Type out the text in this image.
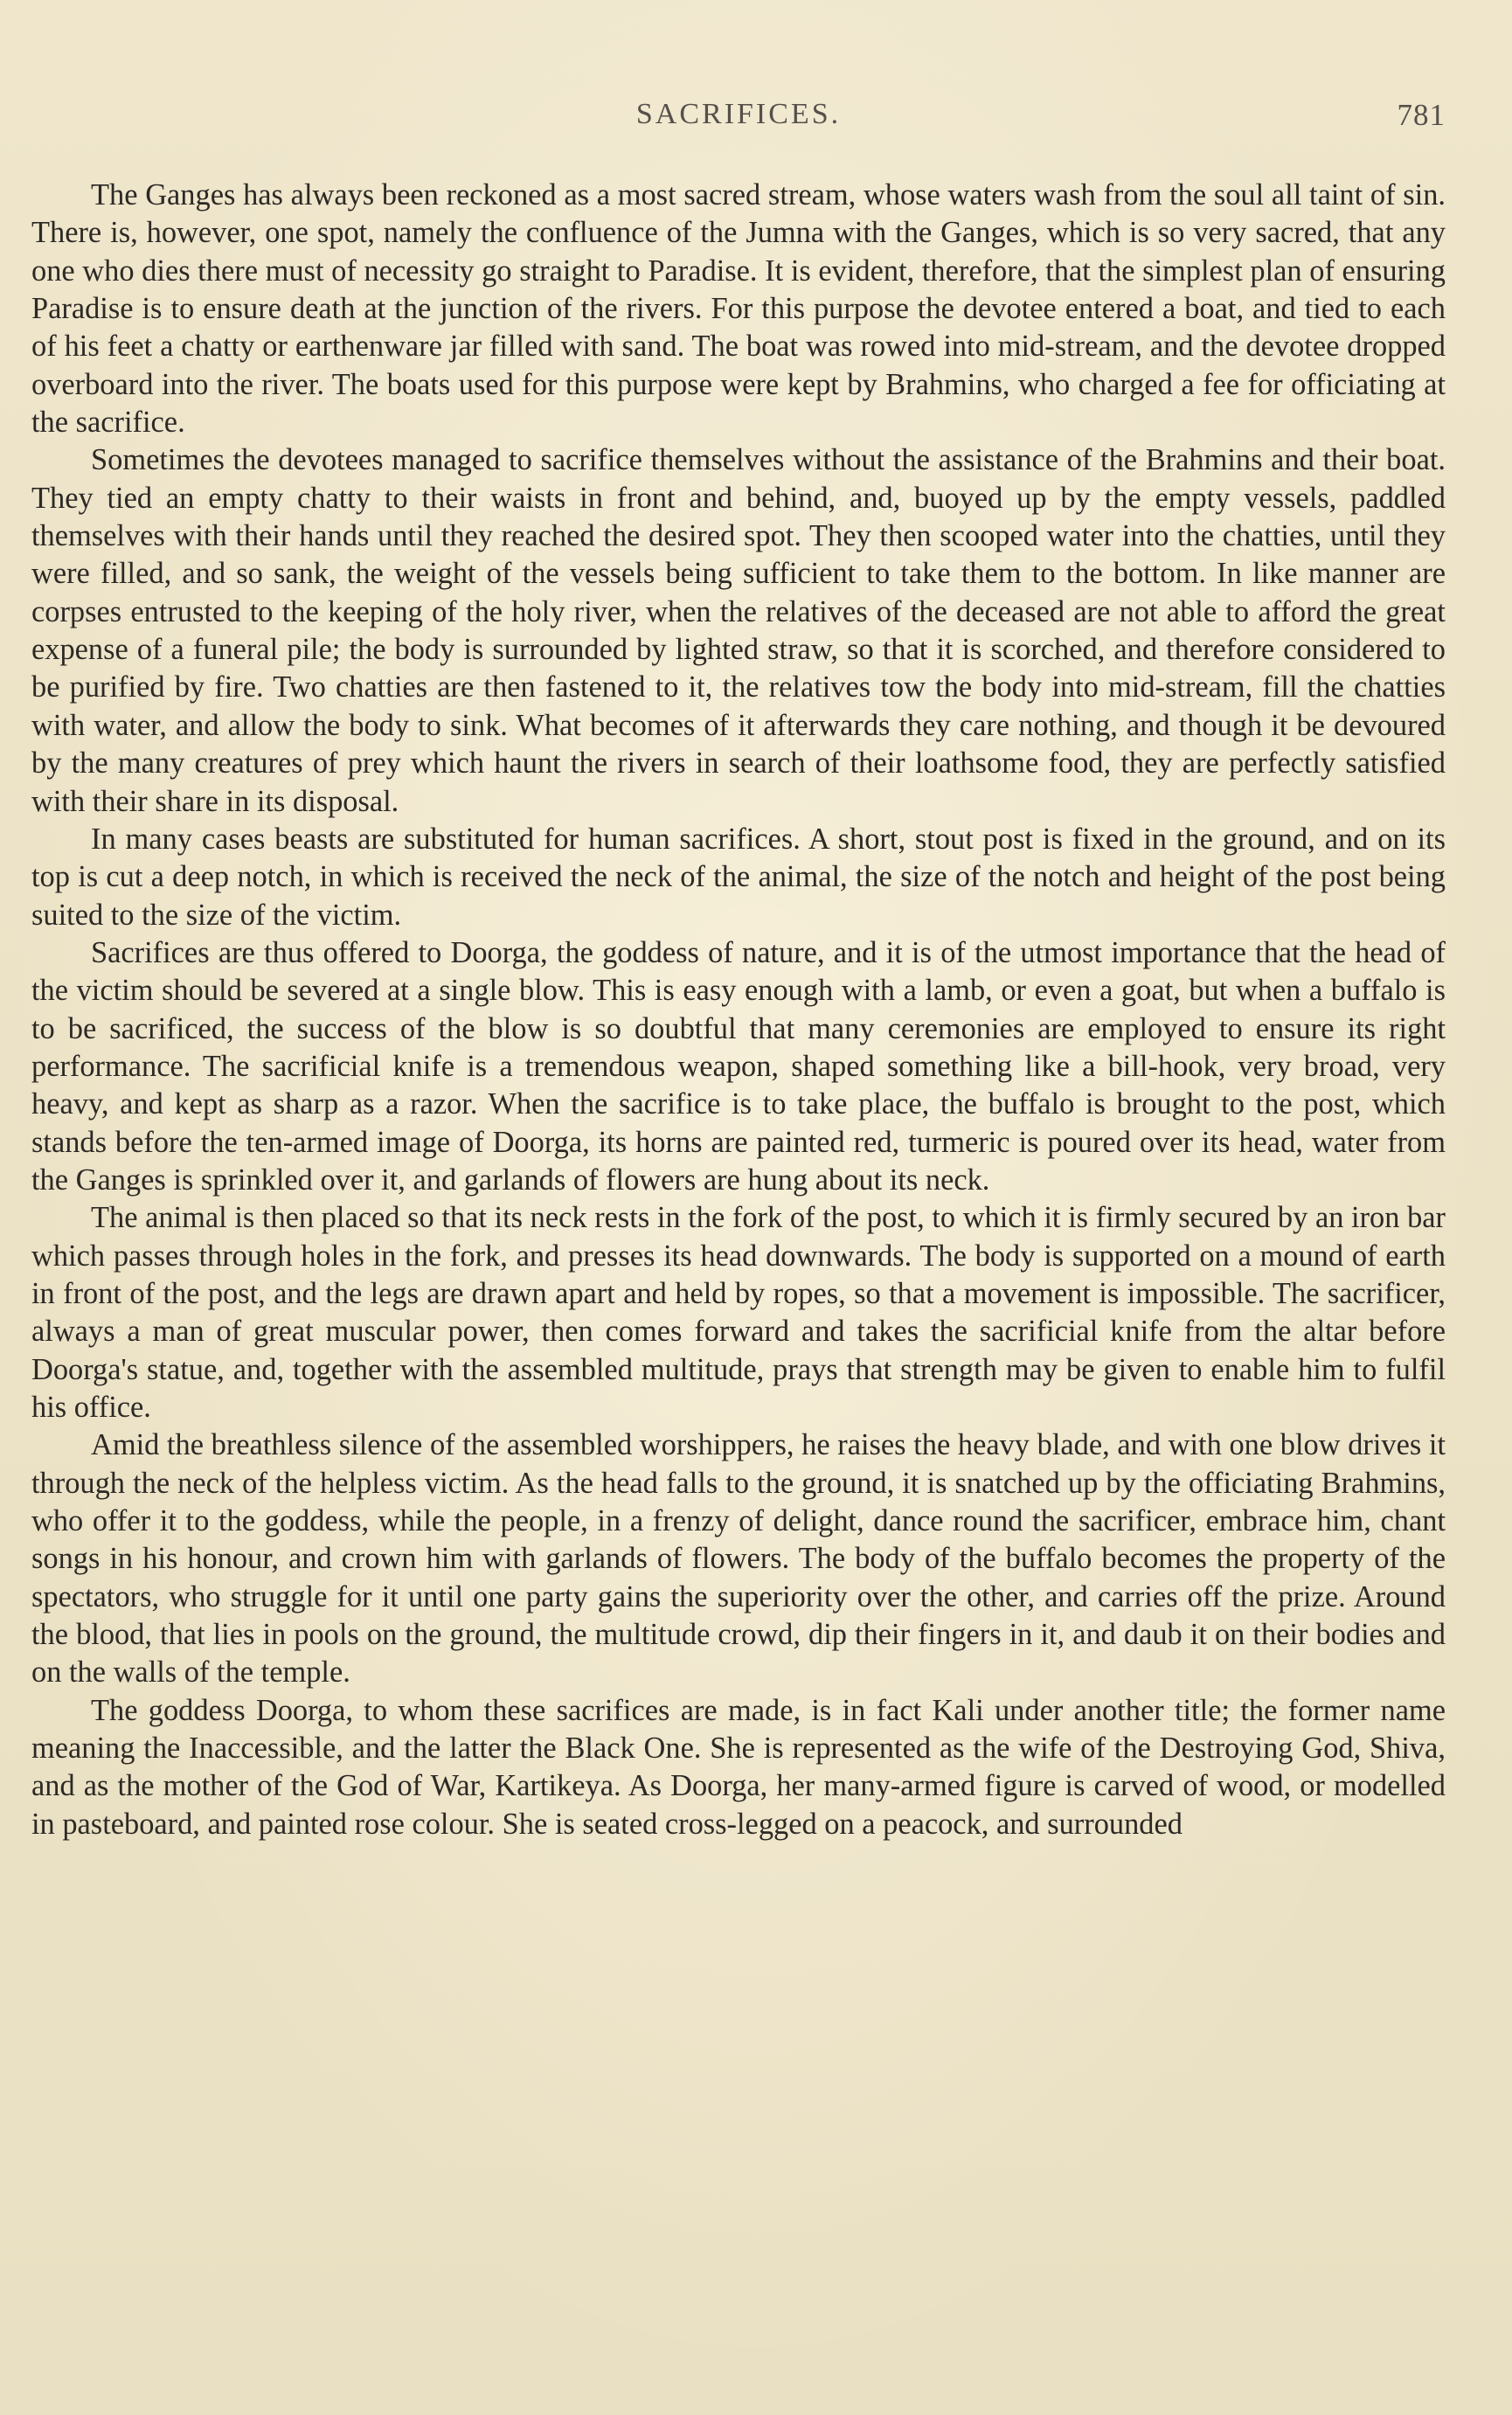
SACRIFICES.	781

The Ganges has always been reckoned as a most sacred stream, whose waters wash from the soul all taint of sin. There is, however, one spot, namely the confluence of the Jumna with the Ganges, which is so very sacred, that any one who dies there must of necessity go straight to Paradise. It is evident, therefore, that the simplest plan of ensuring Paradise is to ensure death at the junction of the rivers. For this purpose the devotee entered a boat, and tied to each of his feet a chatty or earthenware jar filled with sand. The boat was rowed into mid-stream, and the devotee dropped overboard into the river. The boats used for this purpose were kept by Brahmins, who charged a fee for officiating at the sacrifice.

Sometimes the devotees managed to sacrifice themselves without the assistance of the Brahmins and their boat. They tied an empty chatty to their waists in front and behind, and, buoyed up by the empty vessels, paddled themselves with their hands until they reached the desired spot. They then scooped water into the chatties, until they were filled, and so sank, the weight of the vessels being sufficient to take them to the bottom. In like manner are corpses entrusted to the keeping of the holy river, when the relatives of the deceased are not able to afford the great expense of a funeral pile; the body is surrounded by lighted straw, so that it is scorched, and therefore considered to be purified by fire. Two chatties are then fastened to it, the relatives tow the body into mid-stream, fill the chatties with water, and allow the body to sink. What becomes of it afterwards they care nothing, and though it be devoured by the many creatures of prey which haunt the rivers in search of their loathsome food, they are perfectly satisfied with their share in its disposal.

In many cases beasts are substituted for human sacrifices. A short, stout post is fixed in the ground, and on its top is cut a deep notch, in which is received the neck of the animal, the size of the notch and height of the post being suited to the size of the victim.

Sacrifices are thus offered to Doorga, the goddess of nature, and it is of the utmost importance that the head of the victim should be severed at a single blow. This is easy enough with a lamb, or even a goat, but when a buffalo is to be sacrificed, the success of the blow is so doubtful that many ceremonies are employed to ensure its right performance. The sacrificial knife is a tremendous weapon, shaped something like a bill-hook, very broad, very heavy, and kept as sharp as a razor. When the sacrifice is to take place, the buffalo is brought to the post, which stands before the ten-armed image of Doorga, its horns are painted red, turmeric is poured over its head, water from the Ganges is sprinkled over it, and garlands of flowers are hung about its neck.

The animal is then placed so that its neck rests in the fork of the post, to which it is firmly secured by an iron bar which passes through holes in the fork, and presses its head downwards. The body is supported on a mound of earth in front of the post, and the legs are drawn apart and held by ropes, so that a movement is impossible. The sacrificer, always a man of great muscular power, then comes forward and takes the sacrificial knife from the altar before Doorga's statue, and, together with the assembled multitude, prays that strength may be given to enable him to fulfil his office.

Amid the breathless silence of the assembled worshippers, he raises the heavy blade, and with one blow drives it through the neck of the helpless victim. As the head falls to the ground, it is snatched up by the officiating Brahmins, who offer it to the goddess, while the people, in a frenzy of delight, dance round the sacrificer, embrace him, chant songs in his honour, and crown him with garlands of flowers. The body of the buffalo becomes the property of the spectators, who struggle for it until one party gains the superiority over the other, and carries off the prize. Around the blood, that lies in pools on the ground, the multitude crowd, dip their fingers in it, and daub it on their bodies and on the walls of the temple.

The goddess Doorga, to whom these sacrifices are made, is in fact Kali under another title; the former name meaning the Inaccessible, and the latter the Black One. She is represented as the wife of the Destroying God, Shiva, and as the mother of the God of War, Kartikeya. As Doorga, her many-armed figure is carved of wood, or modelled in pasteboard, and painted rose colour. She is seated cross-legged on a peacock, and surrounded
